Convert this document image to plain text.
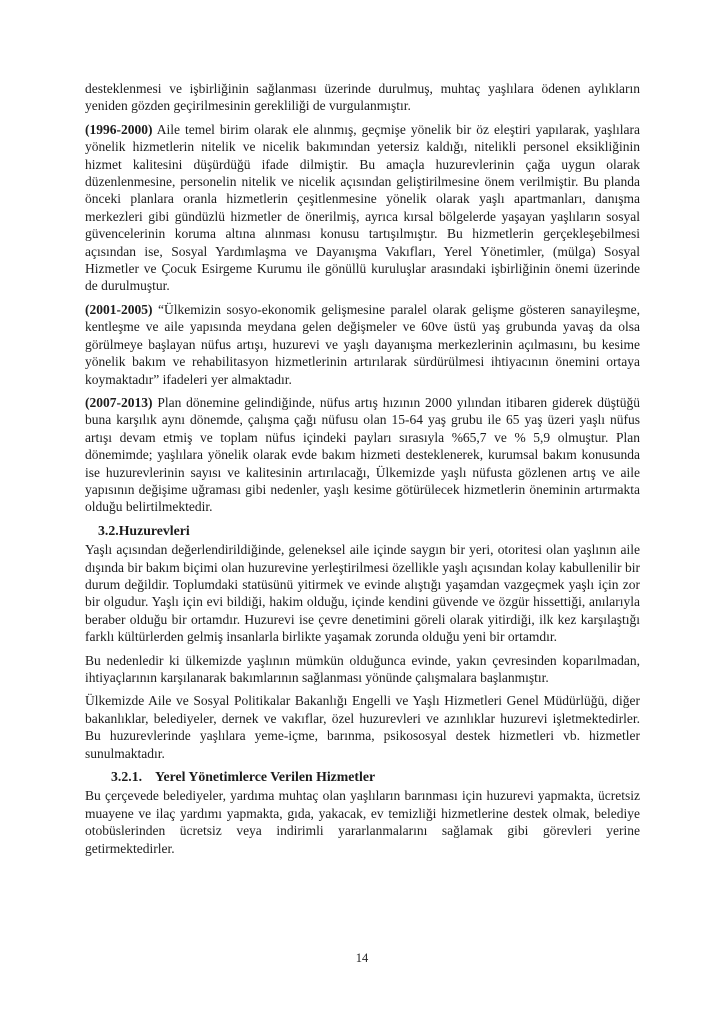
desteklenmesi ve işbirliğinin sağlanması üzerinde durulmuş, muhtaç yaşlılara ödenen aylıkların yeniden gözden geçirilmesinin gerekliliği de vurgulanmıştır.

(1996-2000) Aile temel birim olarak ele alınmış, geçmişe yönelik bir öz eleştiri yapılarak, yaşlılara yönelik hizmetlerin nitelik ve nicelik bakımından yetersiz kaldığı, nitelikli personel eksikliğinin hizmet kalitesini düşürdüğü ifade dilmiştir. Bu amaçla huzurevlerinin çağa uygun olarak düzenlenmesine, personelin nitelik ve nicelik açısından geliştirilmesine önem verilmiştir. Bu planda önceki planlara oranla hizmetlerin çeşitlenmesine yönelik olarak yaşlı apartmanları, danışma merkezleri gibi gündüzlü hizmetler de önerilmiş, ayrıca kırsal bölgelerde yaşayan yaşlıların sosyal güvencelerinin koruma altına alınması konusu tartışılmıştır. Bu hizmetlerin gerçekleşebilmesi açısından ise, Sosyal Yardımlaşma ve Dayanışma Vakıfları, Yerel Yönetimler, (mülga) Sosyal Hizmetler ve Çocuk Esirgeme Kurumu ile gönüllü kuruluşlar arasındaki işbirliğinin önemi üzerinde de durulmuştur.

(2001-2005) “Ülkemizin sosyo-ekonomik gelişmesine paralel olarak gelişme gösteren sanayileşme, kentleşme ve aile yapısında meydana gelen değişmeler ve 60ve üstü yaş grubunda yavaş da olsa görülmeye başlayan nüfus artışı, huzurevi ve yaşlı dayanışma merkezlerinin açılmasını, bu kesime yönelik bakım ve rehabilitasyon hizmetlerinin artırılarak sürdürülmesi ihtiyacının önemini ortaya koymaktadır” ifadeleri yer almaktadır.

(2007-2013) Plan dönemine gelindiğinde, nüfus artış hızının 2000 yılından itibaren giderek düştüğü buna karşılık aynı dönemde, çalışma çağı nüfusu olan 15-64 yaş grubu ile 65 yaş üzeri yaşlı nüfus artışı devam etmiş ve toplam nüfus içindeki payları sırasıyla %65,7 ve % 5,9 olmuştur. Plan dönemimde; yaşlılara yönelik olarak evde bakım hizmeti desteklenerek, kurumsal bakım konusunda ise huzurevlerinin sayısı ve kalitesinin artırılacağı, Ülkemizde yaşlı nüfusta gözlenen artış ve aile yapısının değişime uğraması gibi nedenler, yaşlı kesime götürülecek hizmetlerin öneminin artırmakta olduğu belirtilmektedir.

3.2.Huzurevleri

Yaşlı açısından değerlendirildiğinde, geleneksel aile içinde saygın bir yeri, otoritesi olan yaşlının aile dışında bir bakım biçimi olan huzurevine yerleştirilmesi özellikle yaşlı açısından kolay kabullenilir bir durum değildir. Toplumdaki statüsünü yitirmek ve evinde alıştığı yaşamdan vazgeçmek yaşlı için zor bir olgudur. Yaşlı için evi bildiği, hakim olduğu, içinde kendini güvende ve özgür hissettiği, anılarıyla beraber olduğu bir ortamdır. Huzurevi ise çevre denetimini göreli olarak yitirdiği, ilk kez karşılaştığı farklı kültürlerden gelmiş insanlarla birlikte yaşamak zorunda olduğu yeni bir ortamdır.

Bu nedenledir ki ülkemizde yaşlının mümkün olduğunca evinde, yakın çevresinden koparılmadan, ihtiyaçlarının karşılanarak bakımlarının sağlanması yönünde çalışmalara başlanmıştır.

Ülkemizde Aile ve Sosyal Politikalar Bakanlığı Engelli ve Yaşlı Hizmetleri Genel Müdürlüğü, diğer bakanlıklar, belediyeler, dernek ve vakıflar, özel huzurevleri ve azınlıklar huzurevi işletmektedirler. Bu huzurevlerinde yaşlılara yeme-içme, barınma, psikososyal destek hizmetleri vb. hizmetler sunulmaktadır.

3.2.1. Yerel Yönetimlerce Verilen Hizmetler

Bu çerçevede belediyeler, yardıma muhtaç olan yaşlıların barınması için huzurevi yapmakta, ücretsiz muayene ve ilaç yardımı yapmakta, gıda, yakacak, ev temizliği hizmetlerine destek olmak, belediye otobüslerinden ücretsiz veya indirimli yararlanmalarını sağlamak gibi görevleri yerine getirmektedirler.

14
